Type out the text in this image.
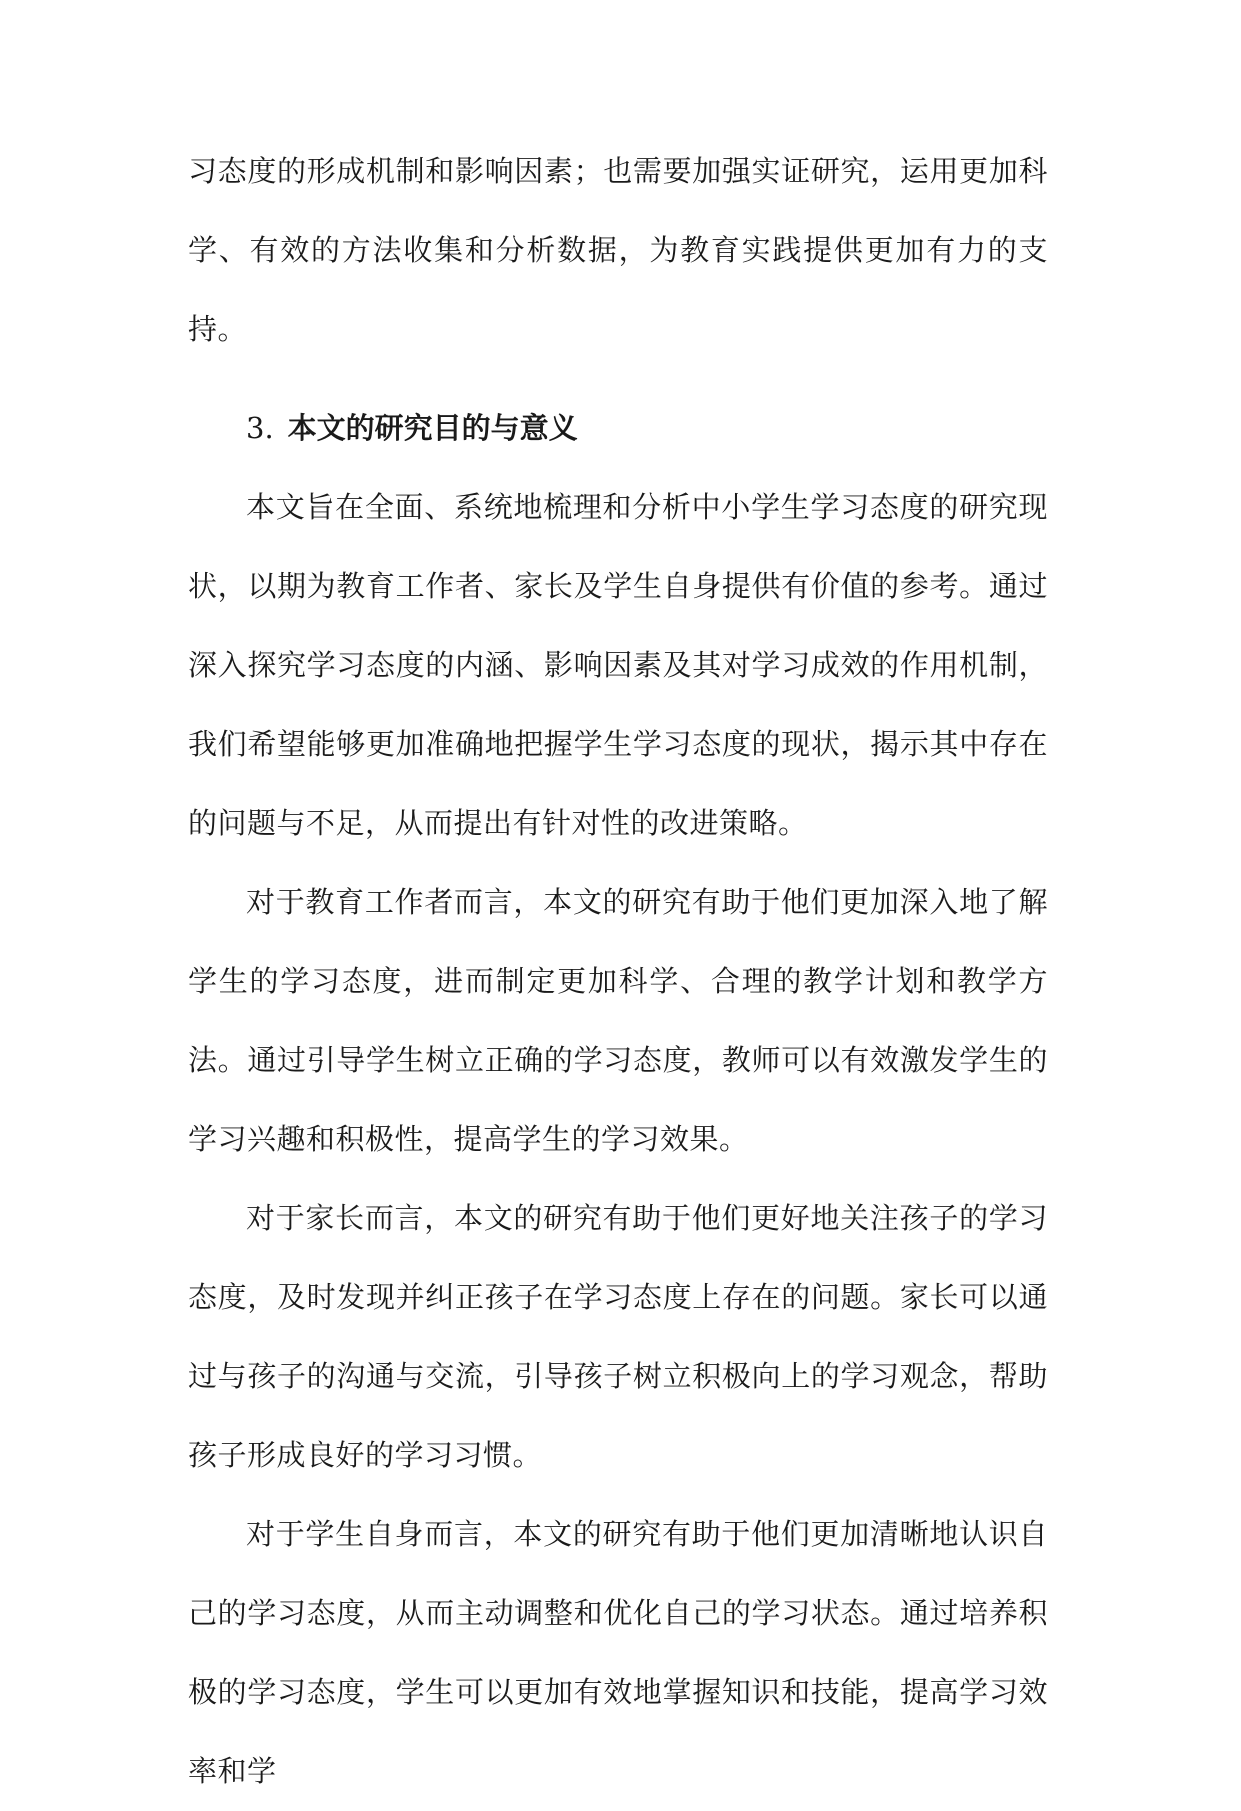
习态度的形成机制和影响因素；也需要加强实证研究，运用更加科学、有效的方法收集和分析数据，为教育实践提供更加有力的支持。

3. 本文的研究目的与意义

本文旨在全面、系统地梳理和分析中小学生学习态度的研究现状，以期为教育工作者、家长及学生自身提供有价值的参考。通过深入探究学习态度的内涵、影响因素及其对学习成效的作用机制，我们希望能够更加准确地把握学生学习态度的现状，揭示其中存在的问题与不足，从而提出有针对性的改进策略。

对于教育工作者而言，本文的研究有助于他们更加深入地了解学生的学习态度，进而制定更加科学、合理的教学计划和教学方法。通过引导学生树立正确的学习态度，教师可以有效激发学生的学习兴趣和积极性，提高学生的学习效果。

对于家长而言，本文的研究有助于他们更好地关注孩子的学习态度，及时发现并纠正孩子在学习态度上存在的问题。家长可以通过与孩子的沟通与交流，引导孩子树立积极向上的学习观念，帮助孩子形成良好的学习习惯。

对于学生自身而言，本文的研究有助于他们更加清晰地认识自己的学习态度，从而主动调整和优化自己的学习状态。通过培养积极的学习态度，学生可以更加有效地掌握知识和技能，提高学习效率和学
